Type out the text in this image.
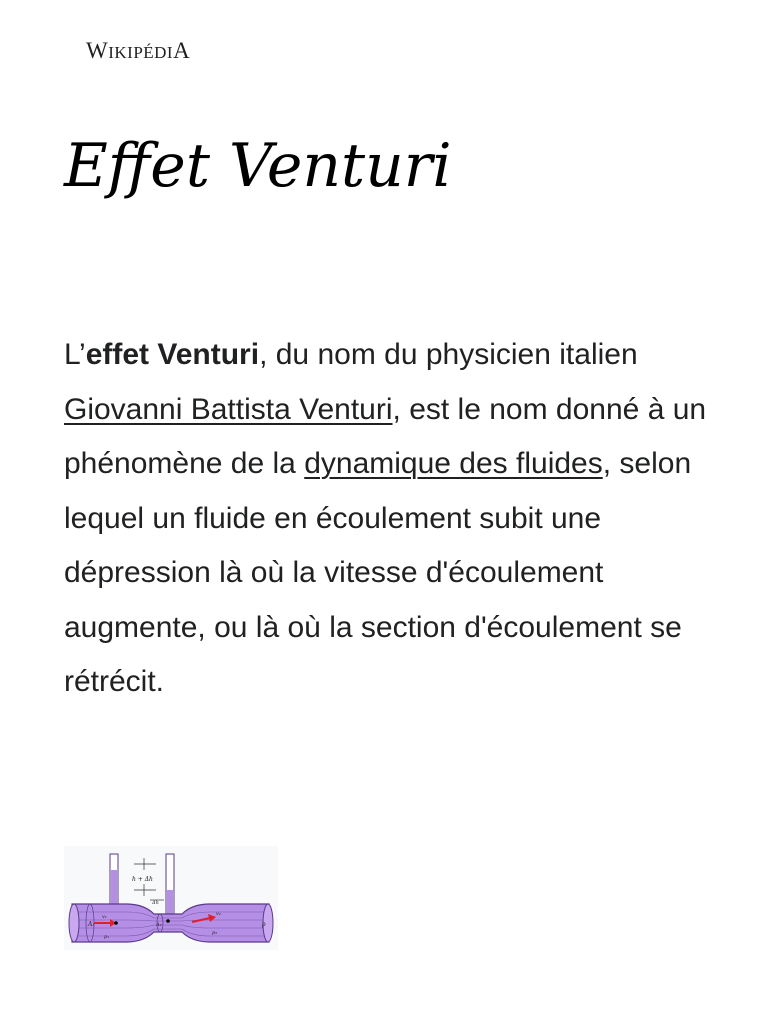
WIKIPÉDIA
Effet Venturi

L’effet Venturi, du nom du physicien italien Giovanni Battista Venturi, est le nom donné à un phénomène de la dynamique des fluides, selon lequel un fluide en écoulement subit une dépression là où la vitesse d'écoulement augmente, ou là où la section d'écoulement se rétrécit.

h + Δh
Δh
A₁
v₁
p₁
v₂
p₂
A₂	ρ
